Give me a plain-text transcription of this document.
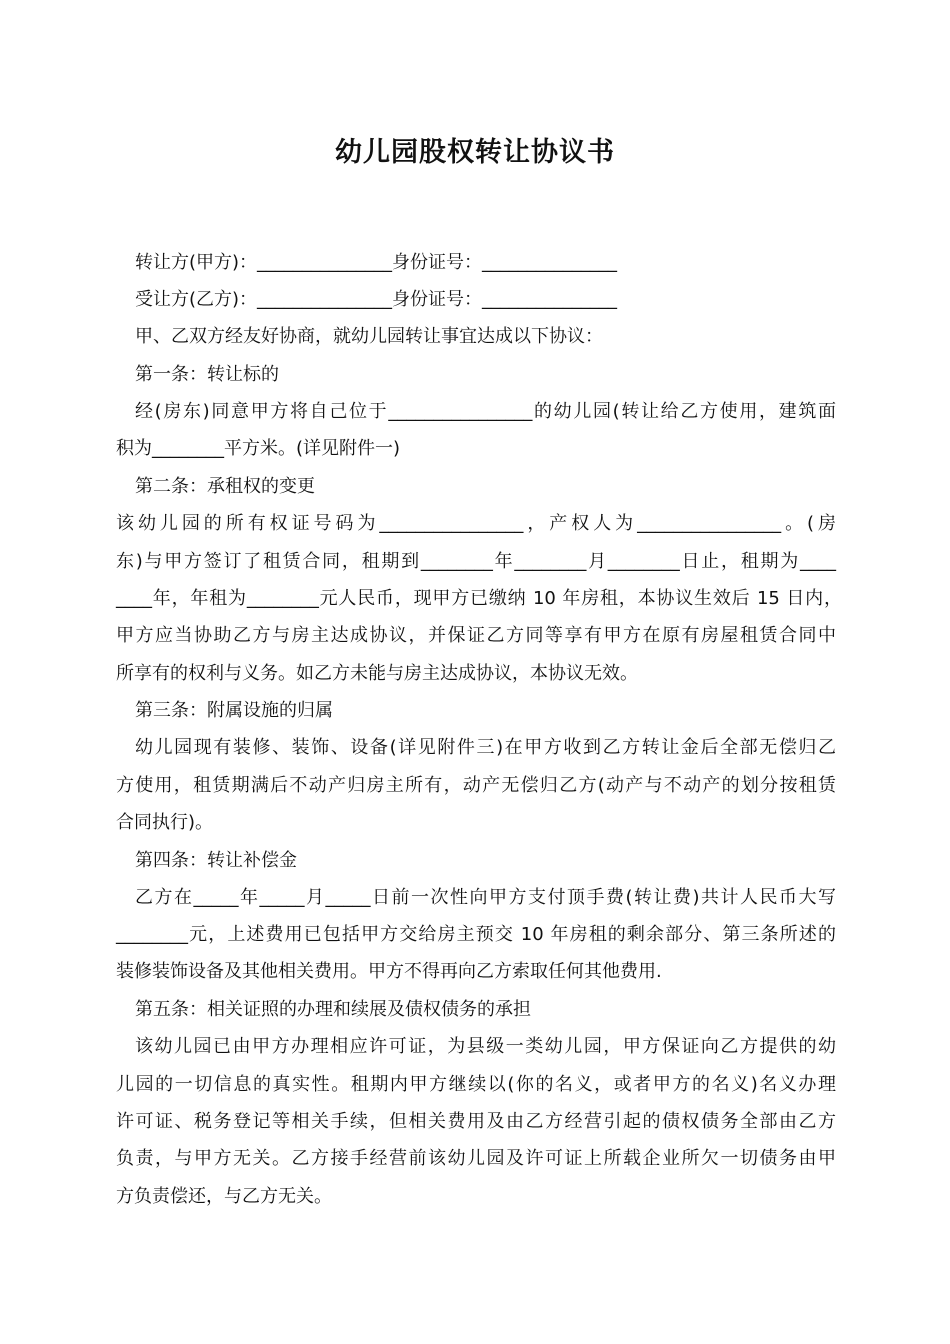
幼儿园股权转让协议书
转让方(甲方)：_______________身份证号：_______________
受让方(乙方)：_______________身份证号：_______________
甲、乙双方经友好协商，就幼儿园转让事宜达成以下协议：
第一条：转让标的
经(房东)同意甲方将自己位于________________的幼儿园(转让给乙方使用，建筑面
积为________平方米。(详见附件一)
第二条：承租权的变更
该幼儿园的所有权证号码为________________，产权人为________________。(房
东)与甲方签订了租赁合同，租期到________年________月________日止，租期为____
____年，年租为________元人民币，现甲方已缴纳 10 年房租，本协议生效后 15 日内，
甲方应当协助乙方与房主达成协议，并保证乙方同等享有甲方在原有房屋租赁合同中
所享有的权利与义务。如乙方未能与房主达成协议，本协议无效。
第三条：附属设施的归属
幼儿园现有装修、装饰、设备(详见附件三)在甲方收到乙方转让金后全部无偿归乙
方使用，租赁期满后不动产归房主所有，动产无偿归乙方(动产与不动产的划分按租赁
合同执行)。
第四条：转让补偿金
乙方在_____年_____月_____日前一次性向甲方支付顶手费(转让费)共计人民币大写
________元，上述费用已包括甲方交给房主预交 10 年房租的剩余部分、第三条所述的
装修装饰设备及其他相关费用。甲方不得再向乙方索取任何其他费用.
第五条：相关证照的办理和续展及债权债务的承担
该幼儿园已由甲方办理相应许可证，为县级一类幼儿园，甲方保证向乙方提供的幼
儿园的一切信息的真实性。租期内甲方继续以(你的名义，或者甲方的名义)名义办理
许可证、税务登记等相关手续，但相关费用及由乙方经营引起的债权债务全部由乙方
负责，与甲方无关。乙方接手经营前该幼儿园及许可证上所载企业所欠一切债务由甲
方负责偿还，与乙方无关。
